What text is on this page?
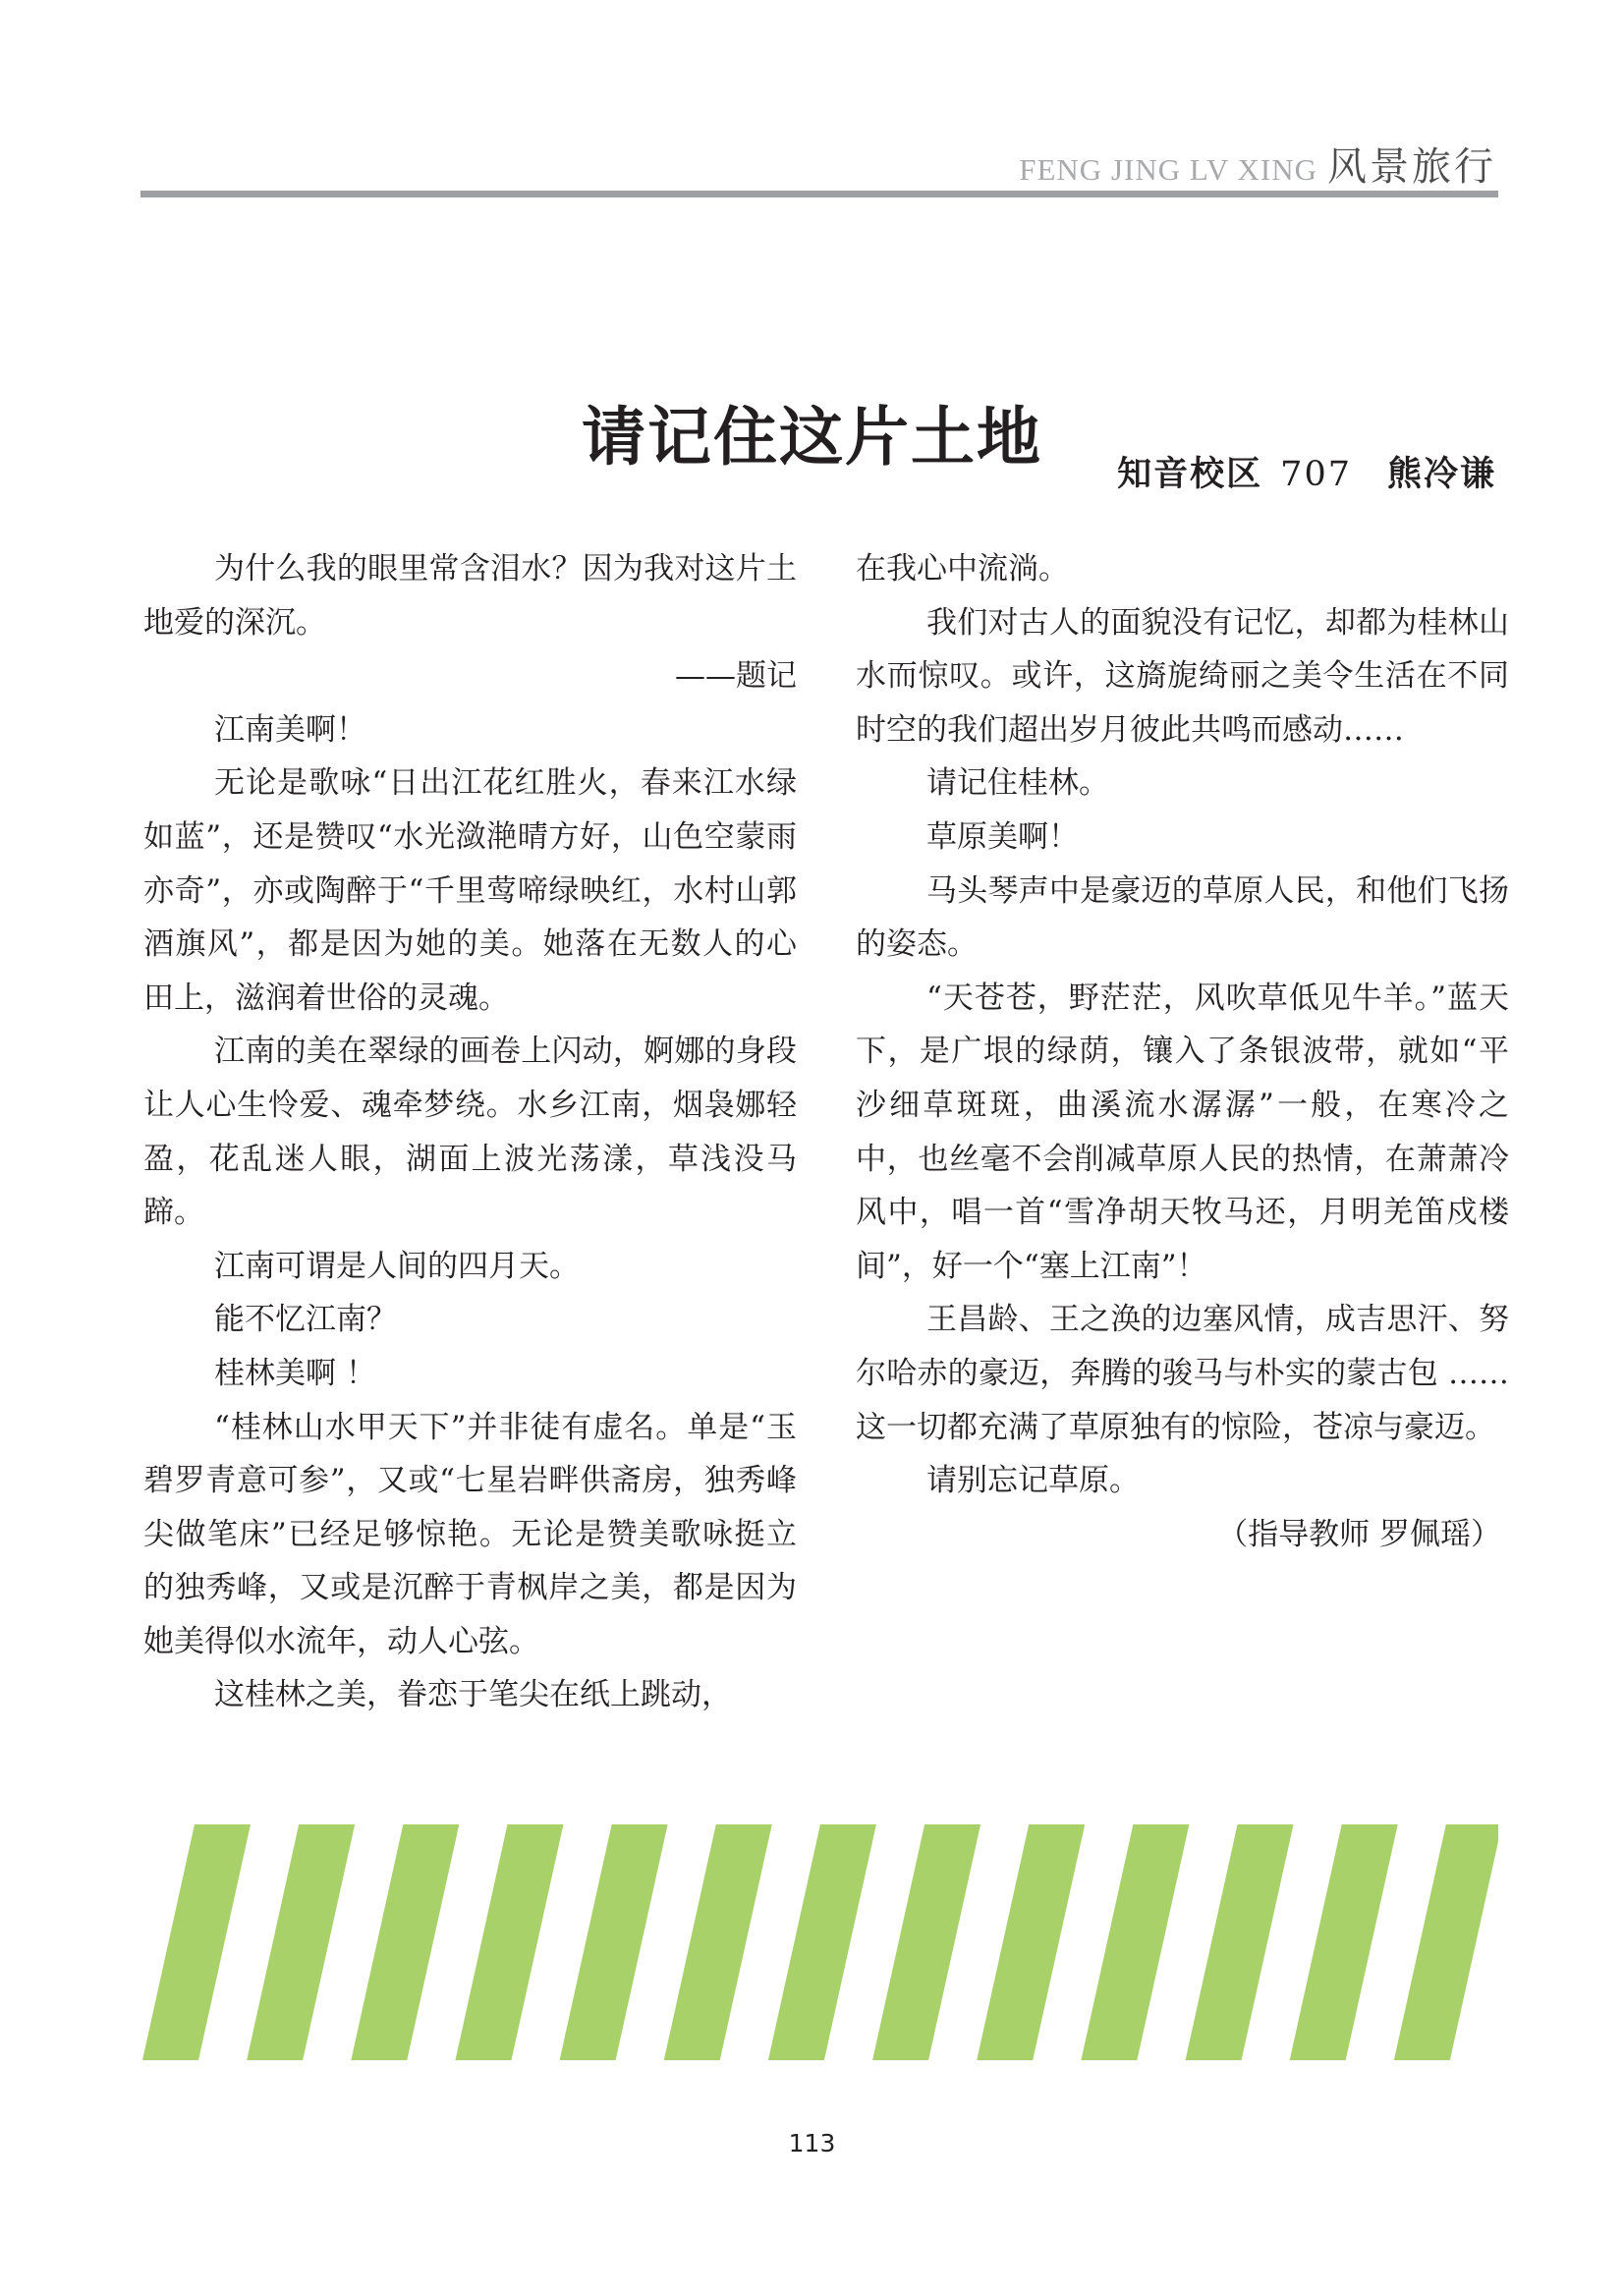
FENG JING LV XING 风景旅行
请记住这片土地	知音校区 707 熊冷谦

为什么我的眼里常含泪水？因为我对这片土地爱的深沉。

——题记

江南美啊！

无论是歌咏“日出江花红胜火，春来江水绿如蓝”，还是赞叹“水光潋滟晴方好，山色空蒙雨亦奇”，亦或陶醉于“千里莺啼绿映红，水村山郭酒旗风”，都是因为她的美。她落在无数人的心田上，滋润着世俗的灵魂。

江南的美在翠绿的画卷上闪动，婀娜的身段让人心生怜爱、魂牵梦绕。水乡江南，烟袅娜轻盈，花乱迷人眼，湖面上波光荡漾，草浅没马蹄。

江南可谓是人间的四月天。

能不忆江南？

桂林美啊 ！

“桂林山水甲天下”并非徒有虚名。单是“玉碧罗青意可参”，又或“七星岩畔供斋房，独秀峰尖做笔床”已经足够惊艳。无论是赞美歌咏挺立的独秀峰，又或是沉醉于青枫岸之美，都是因为她美得似水流年，动人心弦。

这桂林之美，眷恋于笔尖在纸上跳动，

在我心中流淌。

我们对古人的面貌没有记忆，却都为桂林山水而惊叹。或许，这旖旎绮丽之美令生活在不同时空的我们超出岁月彼此共鸣而感动……

请记住桂林。

草原美啊！

马头琴声中是豪迈的草原人民，和他们飞扬的姿态。

“天苍苍，野茫茫，风吹草低见牛羊。”蓝天下，是广垠的绿荫，镶入了条银波带，就如“平沙细草斑斑，曲溪流水潺潺”一般，在寒冷之中，也丝毫不会削减草原人民的热情，在萧萧冷风中，唱一首“雪净胡天牧马还，月明羌笛戍楼间”，好一个“塞上江南”！

王昌龄、王之涣的边塞风情，成吉思汗、努尔哈赤的豪迈，奔腾的骏马与朴实的蒙古包 …… 这一切都充满了草原独有的惊险，苍凉与豪迈。

请别忘记草原。

（指导教师 罗佩瑶）

113
